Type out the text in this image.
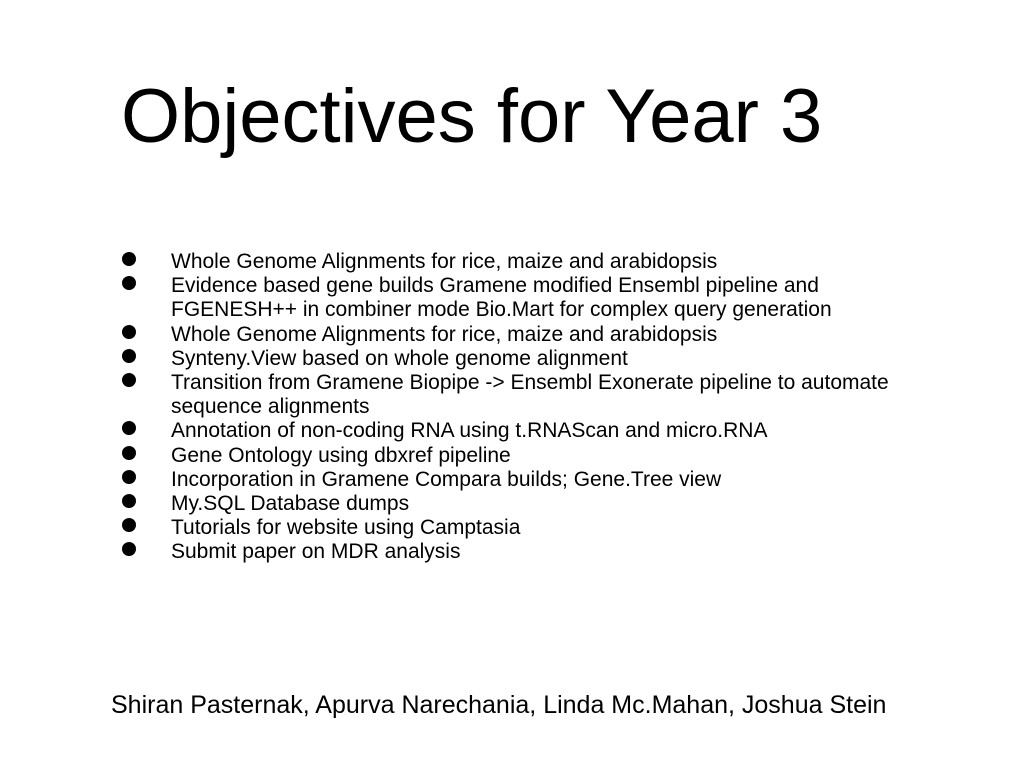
Objectives for Year 3
Whole Genome Alignments for rice, maize and arabidopsis
Evidence based gene builds Gramene modified Ensembl pipeline and FGENESH++ in combiner mode Bio.Mart for complex query generation
Whole Genome Alignments for rice, maize and arabidopsis
Synteny.View based on whole genome alignment
Transition from Gramene Biopipe -> Ensembl Exonerate pipeline to automate sequence alignments
Annotation of non-coding RNA using t.RNAScan and micro.RNA
Gene Ontology using dbxref pipeline
Incorporation in Gramene Compara builds; Gene.Tree view
My.SQL Database dumps
Tutorials for website using Camptasia
Submit paper on MDR analysis

Shiran Pasternak, Apurva Narechania, Linda Mc.Mahan, Joshua Stein
